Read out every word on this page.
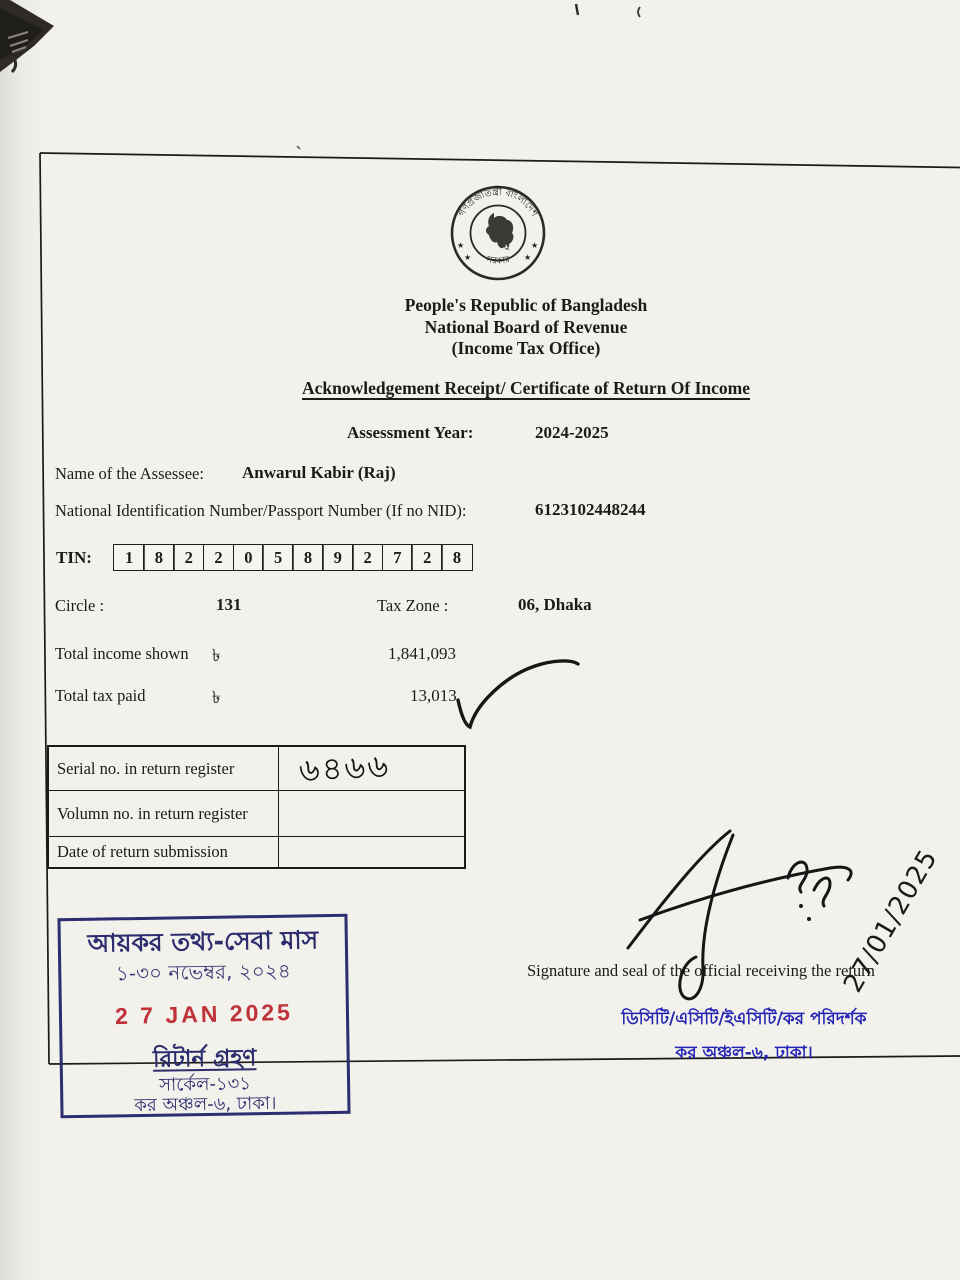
গণপ্রজাতন্ত্রী বাংলাদেশ
সরকার
★
★
★
★
People's Republic of Bangladesh
National Board of Revenue
(Income Tax Office)
Acknowledgement Receipt/ Certificate of Return Of Income
Assessment Year:	2024-2025
Name of the Assessee: Anwarul Kabir (Raj)
National Identification Number/Passport Number (If no NID):	6123102448244
TIN:	1	8	2	2	0	5	8	9	2	7	2	8
Circle :	131	Tax Zone :	06, Dhaka
Total income shown ৳	1,841,093
Total tax paid	৳	13,013
Serial no. in return register	৬৪৬৬
Volumn no. in return register
Date of return submission
আয়কর তথ্য-সেবা মাস
১-৩০ নভেম্বর, ২০২৪
2 7 JAN 2025
রিটার্ন গ্রহণ
সার্কেল-১৩১
কর অঞ্চল-৬, ঢাকা।
27/01/2025
Signature and seal of the official receiving the return
ডিসিটি/এসিটি/ইএসিটি/কর পরিদর্শক
কর অঞ্চল-৬, ঢাকা।
